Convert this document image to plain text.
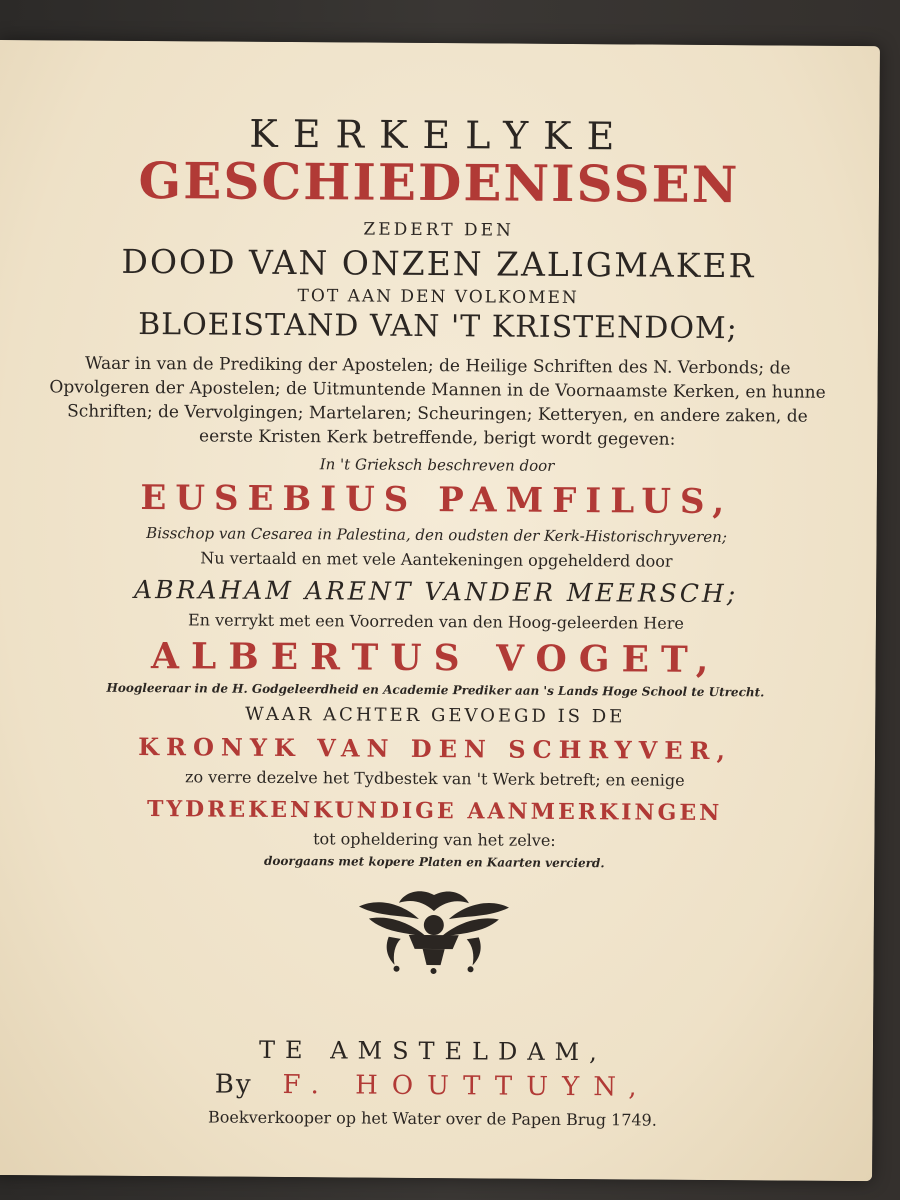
KERKELYKE
GESCHIEDENISSEN
ZEDERT DEN
DOOD VAN ONZEN ZALIGMAKER
TOT AAN DEN VOLKOMEN
BLOEISTAND VAN 'T KRISTENDOM;
Waar in van de Prediking der Apostelen; de Heilige Schriften des N. Verbonds; de Opvolgeren der Apostelen; de Uitmuntende Mannen in de Voornaamste Kerken, en hunne Schriften; de Vervolgingen; Martelaren; Scheuringen; Ketteryen, en andere zaken, de eerste Kristen Kerk betreffende, berigt wordt gegeven:
In 't Grieksch beschreven door
EUSEBIUS PAMFILUS,
Bisschop van Cesarea in Palestina, den oudsten der Kerk-Historischryveren;
Nu vertaald en met vele Aantekeningen opgehelderd door
ABRAHAM ARENT VANDER MEERSCH;
En verrykt met een Voorreden van den Hoog-geleerden Here
ALBERTUS VOGET,
Hoogleeraar in de H. Godgeleerdheid en Academie Prediker aan 's Lands Hoge School te Utrecht.
WAAR ACHTER GEVOEGD IS DE
KRONYK VAN DEN SCHRYVER,
zo verre dezelve het Tydbestek van 't Werk betreft; en eenige
TYDREKENKUNDIGE AANMERKINGEN
tot opheldering van het zelve:
doorgaans met kopere Platen en Kaarten vercierd.
TE AMSTELDAM,
By F. HOUTTUYN,
Boekverkooper op het Water over de Papen Brug 1749.
